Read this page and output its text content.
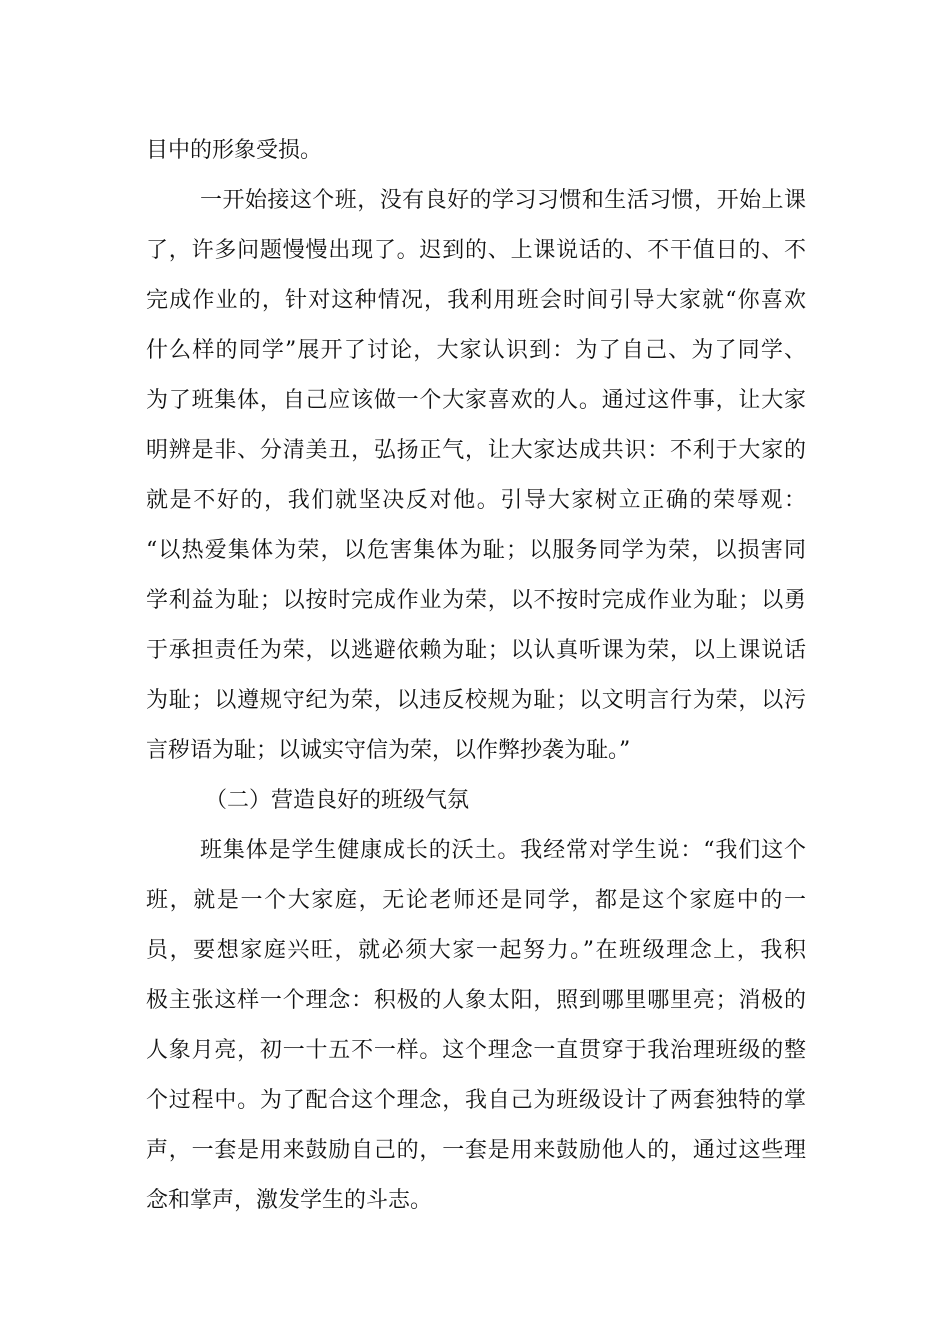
目中的形象受损。
一开始接这个班，没有良好的学习习惯和生活习惯，开始上课
了，许多问题慢慢出现了。迟到的、上课说话的、不干值日的、不
完成作业的，针对这种情况，我利用班会时间引导大家就“你喜欢
什么样的同学”展开了讨论，大家认识到：为了自己、为了同学、
为了班集体，自己应该做一个大家喜欢的人。通过这件事，让大家
明辨是非、分清美丑，弘扬正气，让大家达成共识：不利于大家的
就是不好的，我们就坚决反对他。引导大家树立正确的荣辱观：
“以热爱集体为荣，以危害集体为耻；以服务同学为荣，以损害同
学利益为耻；以按时完成作业为荣，以不按时完成作业为耻；以勇
于承担责任为荣，以逃避依赖为耻；以认真听课为荣，以上课说话
为耻；以遵规守纪为荣，以违反校规为耻；以文明言行为荣，以污
言秽语为耻；以诚实守信为荣，以作弊抄袭为耻。”
（二）营造良好的班级气氛
班集体是学生健康成长的沃土。我经常对学生说：“我们这个
班，就是一个大家庭，无论老师还是同学，都是这个家庭中的一
员，要想家庭兴旺，就必须大家一起努力。”在班级理念上，我积
极主张这样一个理念：积极的人象太阳，照到哪里哪里亮；消极的
人象月亮，初一十五不一样。这个理念一直贯穿于我治理班级的整
个过程中。为了配合这个理念，我自己为班级设计了两套独特的掌
声，一套是用来鼓励自己的，一套是用来鼓励他人的，通过这些理
念和掌声，激发学生的斗志。
